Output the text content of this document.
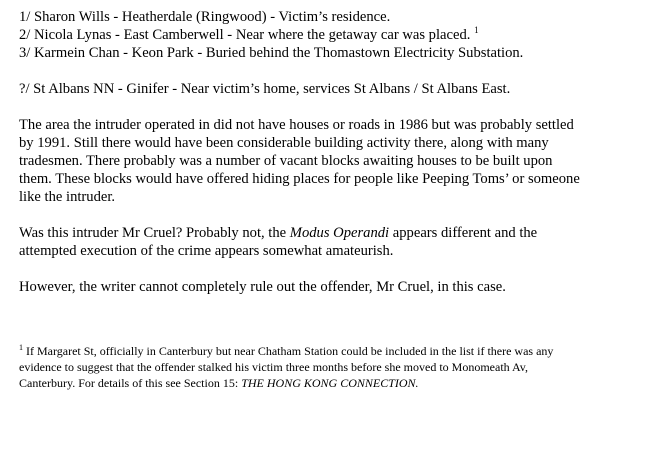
1/ Sharon Wills - Heatherdale (Ringwood) - Victim’s residence.
2/ Nicola Lynas - East Camberwell - Near where the getaway car was placed. $^1$
3/ Karmein Chan - Keon Park - Buried behind the Thomastown Electricity Substation.
?/ St Albans NN - Ginifer - Near victim’s home, services St Albans / St Albans East.
The area the intruder operated in did not have houses or roads in 1986 but was probably settled
by 1991. Still there would have been considerable building activity there, along with many
tradesmen. There probably was a number of vacant blocks awaiting houses to be built upon
them. These blocks would have offered hiding places for people like Peeping Toms’ or someone
like the intruder.
Was this intruder Mr Cruel? Probably not, the Modus Operandi appears different and the
attempted execution of the crime appears somewhat amateurish.
However, the writer cannot completely rule out the offender, Mr Cruel, in this case.
$^1$ If Margaret St, officially in Canterbury but near Chatham Station could be included in the list if there was any
evidence to suggest that the offender stalked his victim three months before she moved to Monomeath Av,
Canterbury. For details of this see Section 15: THE HONG KONG CONNECTION.
